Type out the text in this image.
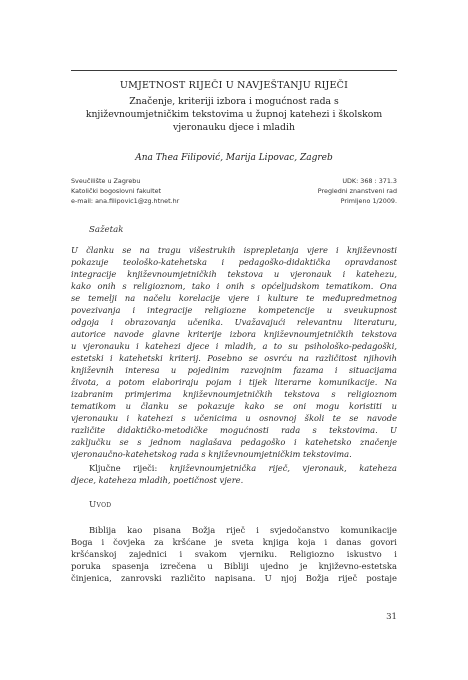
UMJETNOST RIJEČI U NAVJEŠTANJU RIJEČI
Značenje, kriteriji izbora i mogućnost rada s
književnoumjetničkim tekstovima u župnoj katehezi i školskom
vjeronauku djece i mladih
Ana Thea Filipović, Marija Lipovac, Zagreb
Sveučilište u Zagrebu	UDK: 368 : 371.3
Katolički bogoslovni fakultet	Pregledni znanstveni rad
e-mail: ana.filipovic1@zg.htnet.hr	Primljeno 1/2009.
Sažetak
U članku se na tragu višestrukih isprepletanja vjere i književnosti
pokazuje teološko-katehetska i pedagoško-didaktička opravdanost
integracije književnoumjetničkih tekstova u vjeronauk i katehezu,
kako onih s religioznom, tako i onih s općeljudskom tematikom. Ona
se temelji na načelu korelacije vjere i kulture te međupredmetnog
povezivanja i integracije religiozne kompetencije u sveukupnost
odgoja i obrazovanja učenika. Uvažavajući relevantnu literaturu,
autorice navode glavne kriterije izbora književnoumjetničkih tekstova
u vjeronauku i katehezi djece i mladih, a to su psihološko-pedagoški,
estetski i katehetski kriterij. Posebno se osvrću na različitost njihovih
književnih interesa u pojedinim razvojnim fazama i situacijama
života, a potom elaboriraju pojam i tijek literarne komunikacije. Na
izabranim primjerima književnoumjetničkih tekstova s religioznom
tematikom u članku se pokazuje kako se oni mogu koristiti u
vjeronauku i katehezi s učenicima u osnovnoj školi te se navode
različite didaktičko-metodičke mogućnosti rada s tekstovima. U
zaključku se s jednom naglašava pedagoško i katehetsko značenje
vjeronaučno-katehetskog rada s književnoumjetničkim tekstovima.
Ključne riječi: književnoumjetnička riječ, vjeronauk, kateheza
djece, kateheza mladih, poetičnost vjere.
Uvod
Biblija kao pisana Božja riječ i svjedočanstvo komunikacije
Boga i čovjeka za kršćane je sveta knjiga koja i danas govori
kršćanskoj zajednici i svakom vjerniku. Religiozno iskustvo i
poruka spasenja izrečena u Bibliji ujedno je književno-estetska
činjenica, zanrovski različito napisana. U njoj Božja riječ postaje
31
